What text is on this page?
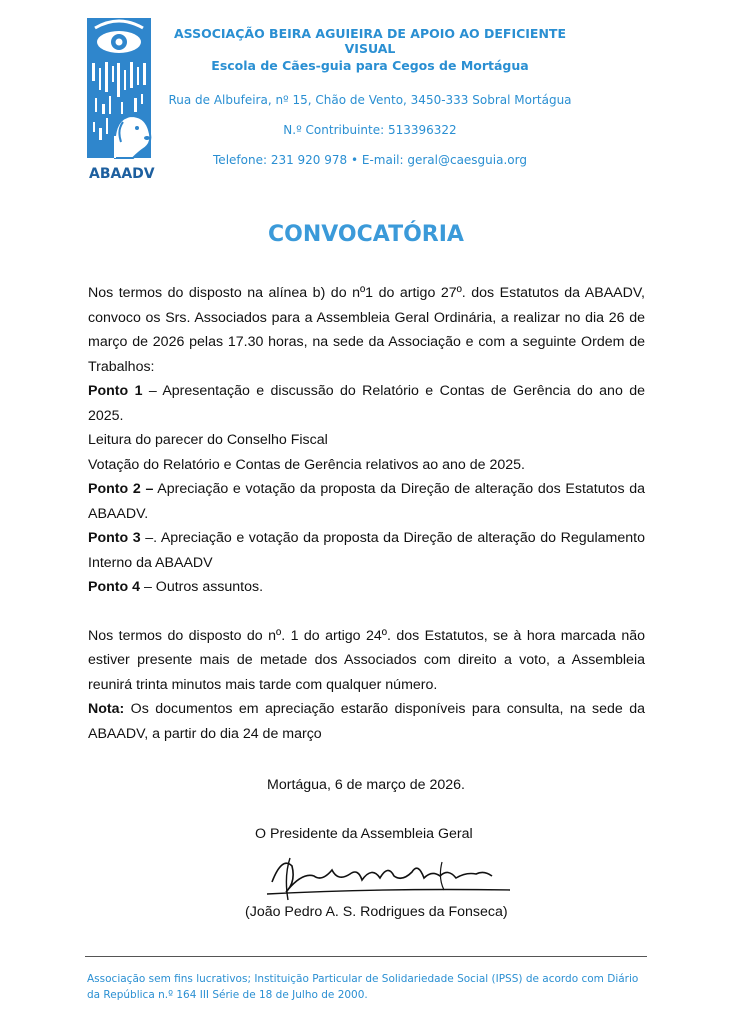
ABAADV
ASSOCIAÇÃO BEIRA AGUIEIRA DE APOIO AO DEFICIENTE VISUAL
Escola de Cães-guia para Cegos de Mortágua
Rua de Albufeira, nº 15, Chão de Vento, 3450-333 Sobral Mortágua
N.º Contribuinte: 513396322
Telefone: 231 920 978 • E-mail: geral@caesguia.org
CONVOCATÓRIA

Nos termos do disposto na alínea b) do nº1 do artigo 27º. dos Estatutos da ABAADV, convoco os Srs. Associados para a Assembleia Geral Ordinária, a realizar no dia 26 de março de 2026 pelas 17.30 horas, na sede da Associação e com a seguinte Ordem de Trabalhos:

Ponto 1 – Apresentação e discussão do Relatório e Contas de Gerência do ano de 2025.

Leitura do parecer do Conselho Fiscal

Votação do Relatório e Contas de Gerência relativos ao ano de 2025.

Ponto 2 – Apreciação e votação da proposta da Direção de alteração dos Estatutos da ABAADV.

Ponto 3 –. Apreciação e votação da proposta da Direção de alteração do Regulamento Interno da ABAADV

Ponto 4 – Outros assuntos.

Nos termos do disposto do nº. 1 do artigo 24º. dos Estatutos, se à hora marcada não estiver presente mais de metade dos Associados com direito a voto, a Assembleia reunirá trinta minutos mais tarde com qualquer número.

Nota: Os documentos em apreciação estarão disponíveis para consulta, na sede da ABAADV, a partir do dia 24 de março

Mortágua, 6 de março de 2026.
O Presidente da Assembleia Geral
(João Pedro A. S. Rodrigues da Fonseca)
Associação sem fins lucrativos; Instituição Particular de Solidariedade Social (IPSS) de acordo com Diário
da República n.º 164 III Série de 18 de Julho de 2000.
